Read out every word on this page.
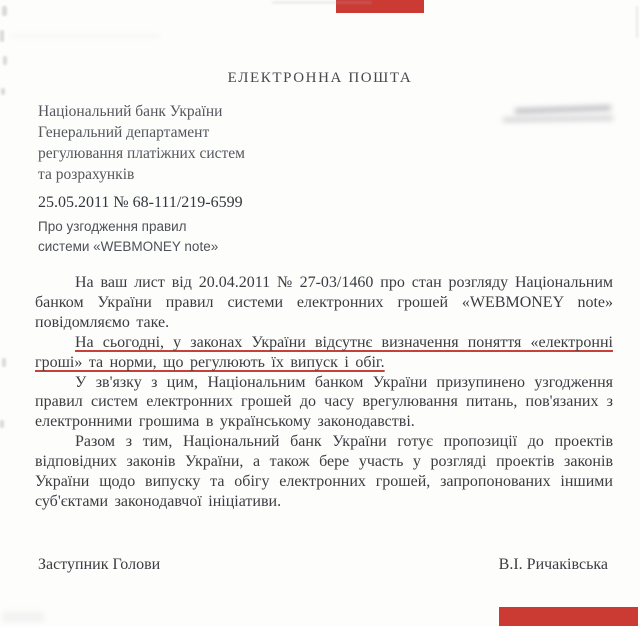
ЕЛЕКТРОННА ПОШТА
Національний банк України
Генеральний департамент
регулювання платіжних систем
та розрахунків
25.05.2011 № 68-111/219-6599
Про узгодження правил
системи «WEBMONEY note»

На ваш лист від 20.04.2011 № 27-03/1460 про стан розгляду Національним банком України правил системи електронних грошей «WEBMONEY note» повідомляємо таке.

На сьогодні, у законах України відсутнє визначення поняття «електронні гроші» та норми, що регулюють їх випуск і обіг.

У зв'язку з цим, Національним банком України призупинено узгодження правил систем електронних грошей до часу врегулювання питань, пов'язаних з електронними грошима в українському законодавстві.

Разом з тим, Національний банк України готує пропозиції до проектів відповідних законів України, а також бере участь у розгляді проектів законів України щодо випуску та обігу електронних грошей, запропонованих іншими суб'єктами законодавчої ініціативи.

Заступник Голови	В.І. Ричаківська
